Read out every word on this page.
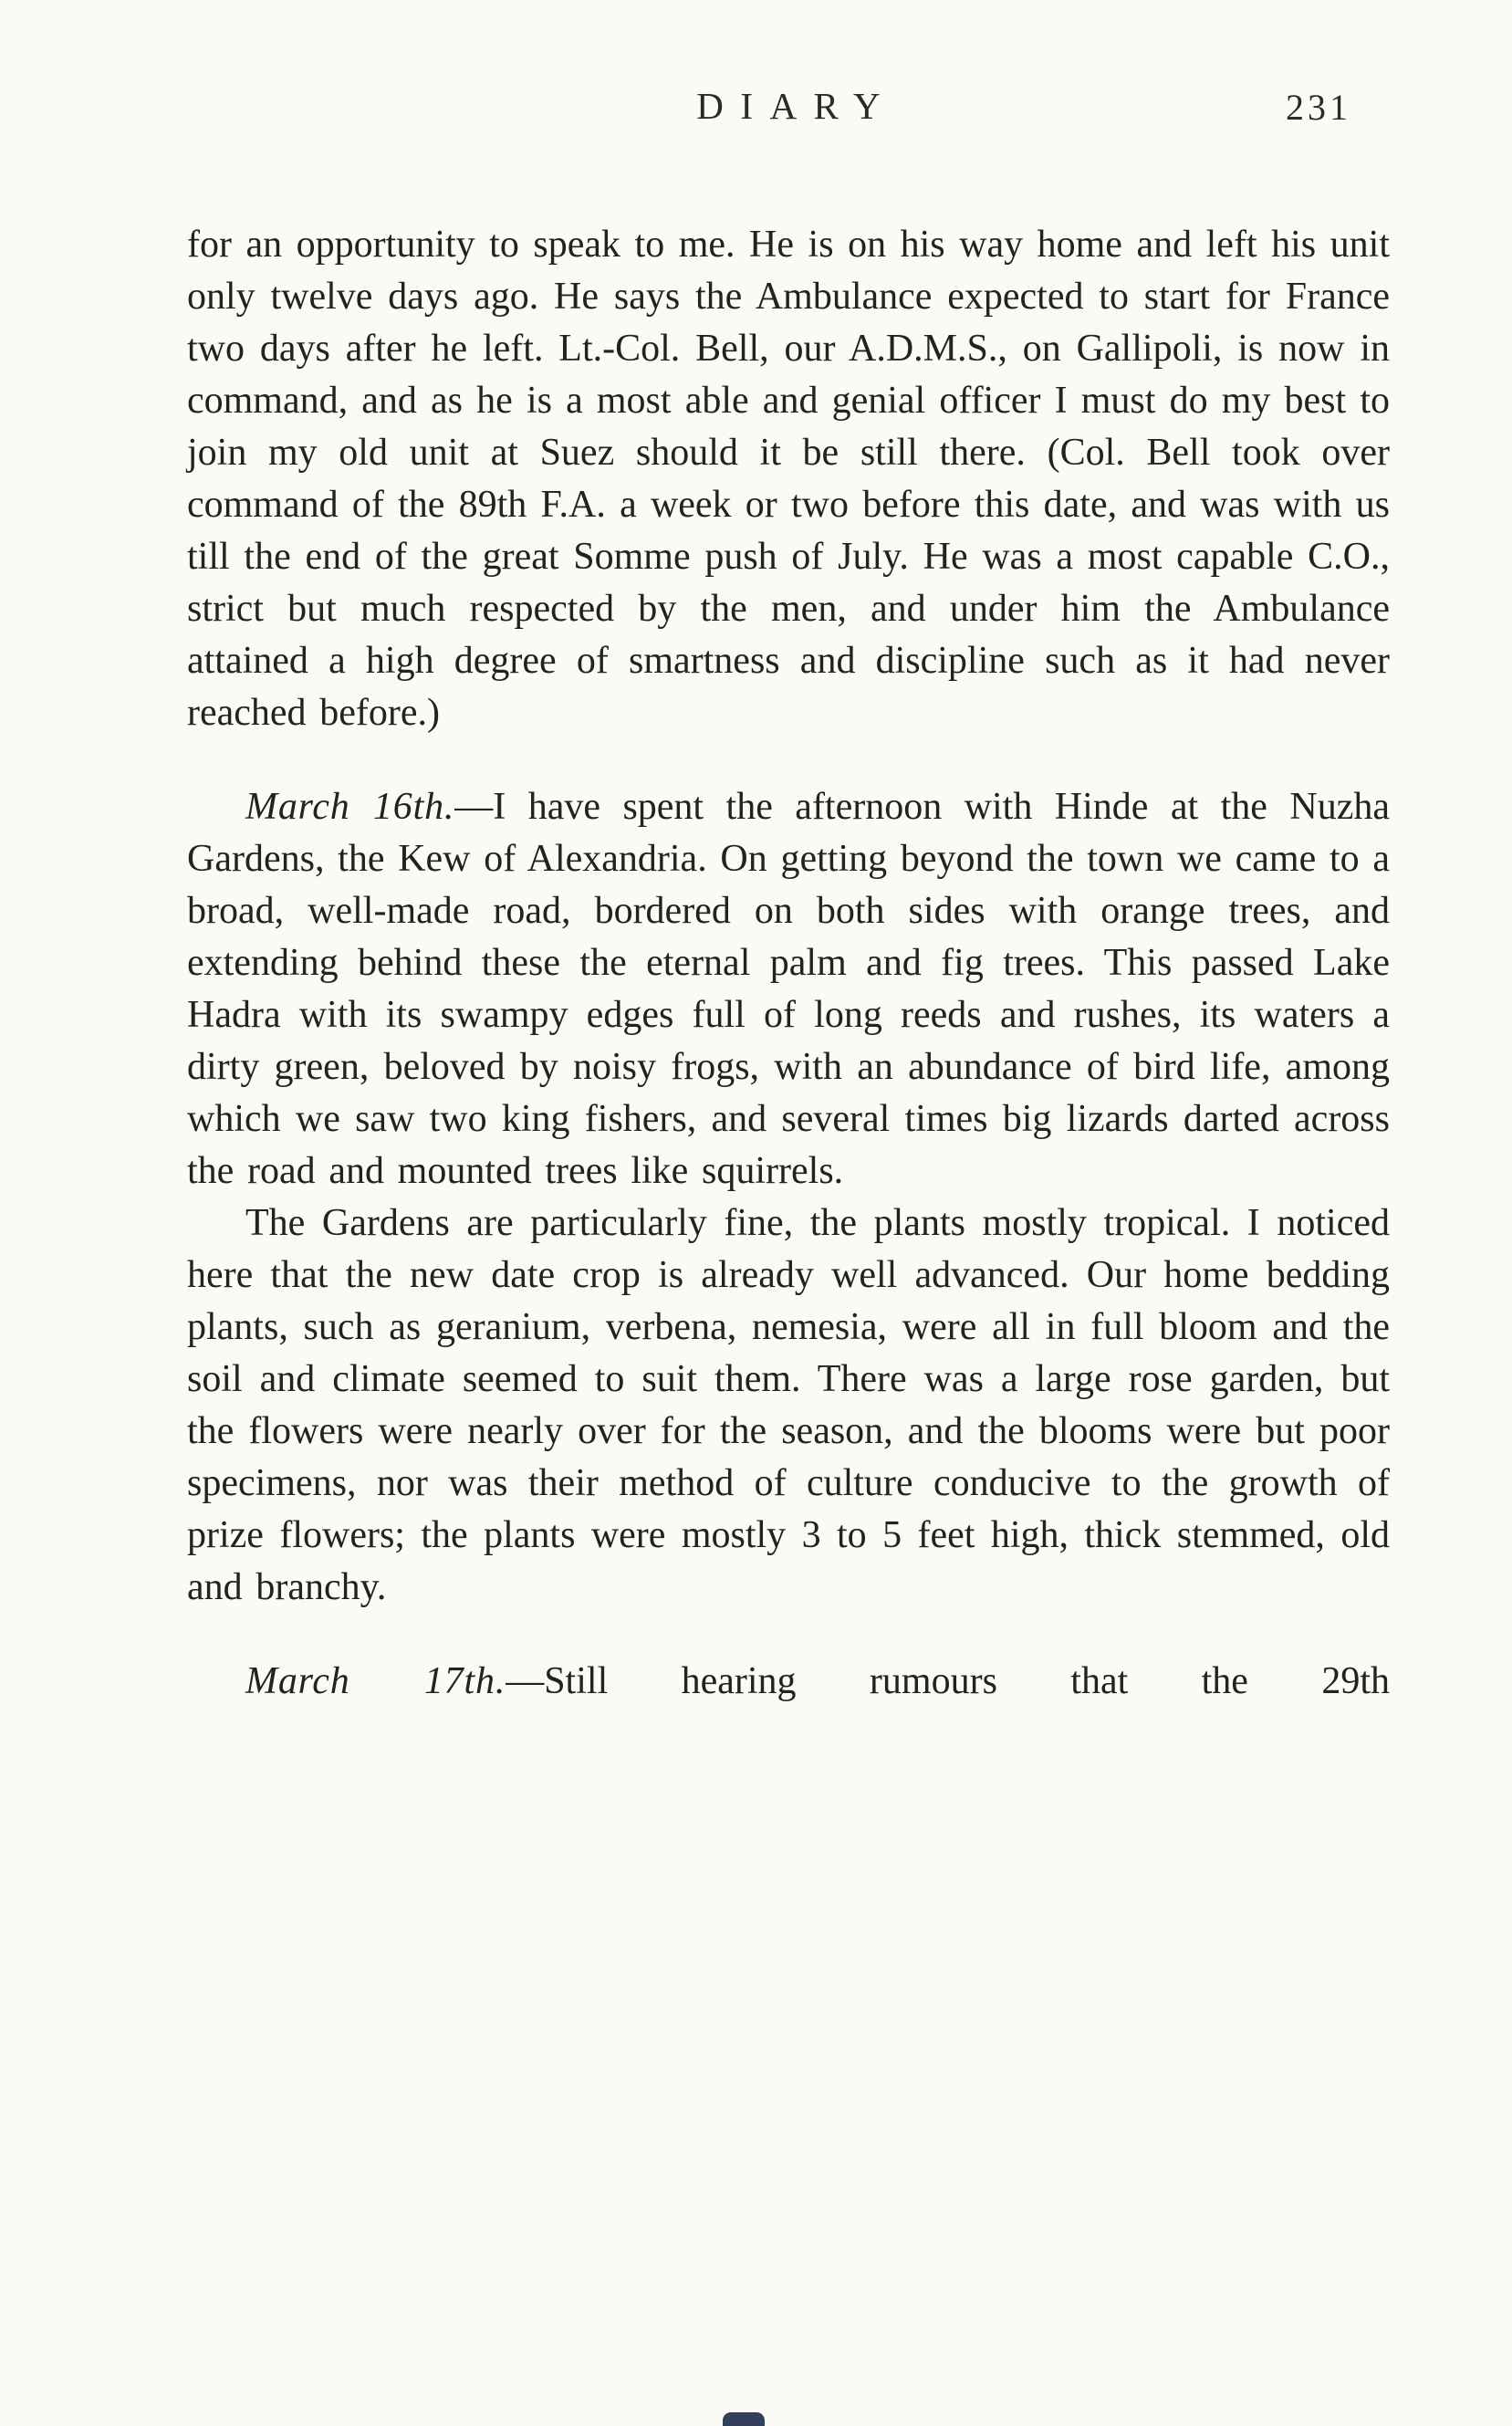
DIARY	231

for an opportunity to speak to me. He is on his way home and left his unit only twelve days ago. He says the Ambulance expected to start for France two days after he left. Lt.-Col. Bell, our A.D.M.S., on Gallipoli, is now in command, and as he is a most able and genial officer I must do my best to join my old unit at Suez should it be still there. (Col. Bell took over command of the 89th F.A. a week or two before this date, and was with us till the end of the great Somme push of July. He was a most capable C.O., strict but much respected by the men, and under him the Ambulance attained a high degree of smartness and discipline such as it had never reached before.)

March 16th.—I have spent the afternoon with Hinde at the Nuzha Gardens, the Kew of Alexandria. On getting beyond the town we came to a broad, well-made road, bordered on both sides with orange trees, and extending behind these the eternal palm and fig trees. This passed Lake Hadra with its swampy edges full of long reeds and rushes, its waters a dirty green, beloved by noisy frogs, with an abundance of bird life, among which we saw two king fishers, and several times big lizards darted across the road and mounted trees like squirrels.

The Gardens are particularly fine, the plants mostly tropical. I noticed here that the new date crop is already well advanced. Our home bedding plants, such as geranium, verbena, nemesia, were all in full bloom and the soil and climate seemed to suit them. There was a large rose garden, but the flowers were nearly over for the season, and the blooms were but poor specimens, nor was their method of culture conducive to the growth of prize flowers; the plants were mostly 3 to 5 feet high, thick stemmed, old and branchy.

March 17th.—Still hearing rumours that the 29th
